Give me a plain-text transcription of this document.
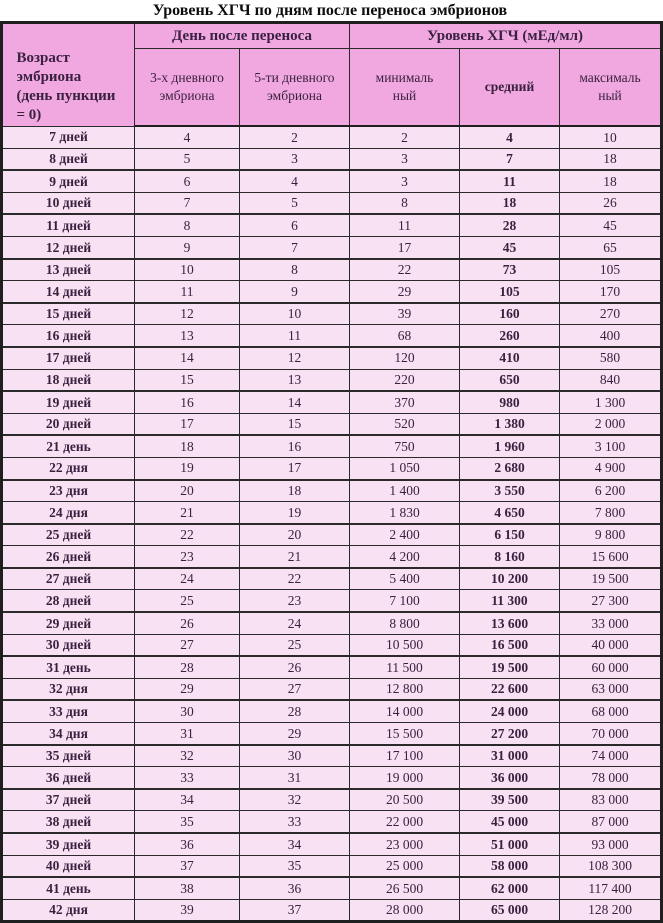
Уровень ХГЧ по дням после переноса эмбрионов
Возраст эмбриона (день пункции = 0)	День после переноса		Уровень ХГЧ (мЕд/мл)		
	3-х дневного эмбриона	5-ти дневного эмбриона	минимальный	средний	максимальный
7 дней	4	2	2	4	10
8 дней	5	3	3	7	18
9 дней	6	4	3	11	18
10 дней	7	5	8	18	26
11 дней	8	6	11	28	45
12 дней	9	7	17	45	65
13 дней	10	8	22	73	105
14 дней	11	9	29	105	170
15 дней	12	10	39	160	270
16 дней	13	11	68	260	400
17 дней	14	12	120	410	580
18 дней	15	13	220	650	840
19 дней	16	14	370	980	1 300
20 дней	17	15	520	1 380	2 000
21 день	18	16	750	1 960	3 100
22 дня	19	17	1 050	2 680	4 900
23 дня	20	18	1 400	3 550	6 200
24 дня	21	19	1 830	4 650	7 800
25 дней	22	20	2 400	6 150	9 800
26 дней	23	21	4 200	8 160	15 600
27 дней	24	22	5 400	10 200	19 500
28 дней	25	23	7 100	11 300	27 300
29 дней	26	24	8 800	13 600	33 000
30 дней	27	25	10 500	16 500	40 000
31 день	28	26	11 500	19 500	60 000
32 дня	29	27	12 800	22 600	63 000
33 дня	30	28	14 000	24 000	68 000
34 дня	31	29	15 500	27 200	70 000
35 дней	32	30	17 100	31 000	74 000
36 дней	33	31	19 000	36 000	78 000
37 дней	34	32	20 500	39 500	83 000
38 дней	35	33	22 000	45 000	87 000
39 дней	36	34	23 000	51 000	93 000
40 дней	37	35	25 000	58 000	108 300
41 день	38	36	26 500	62 000	117 400
42 дня	39	37	28 000	65 000	128 200
